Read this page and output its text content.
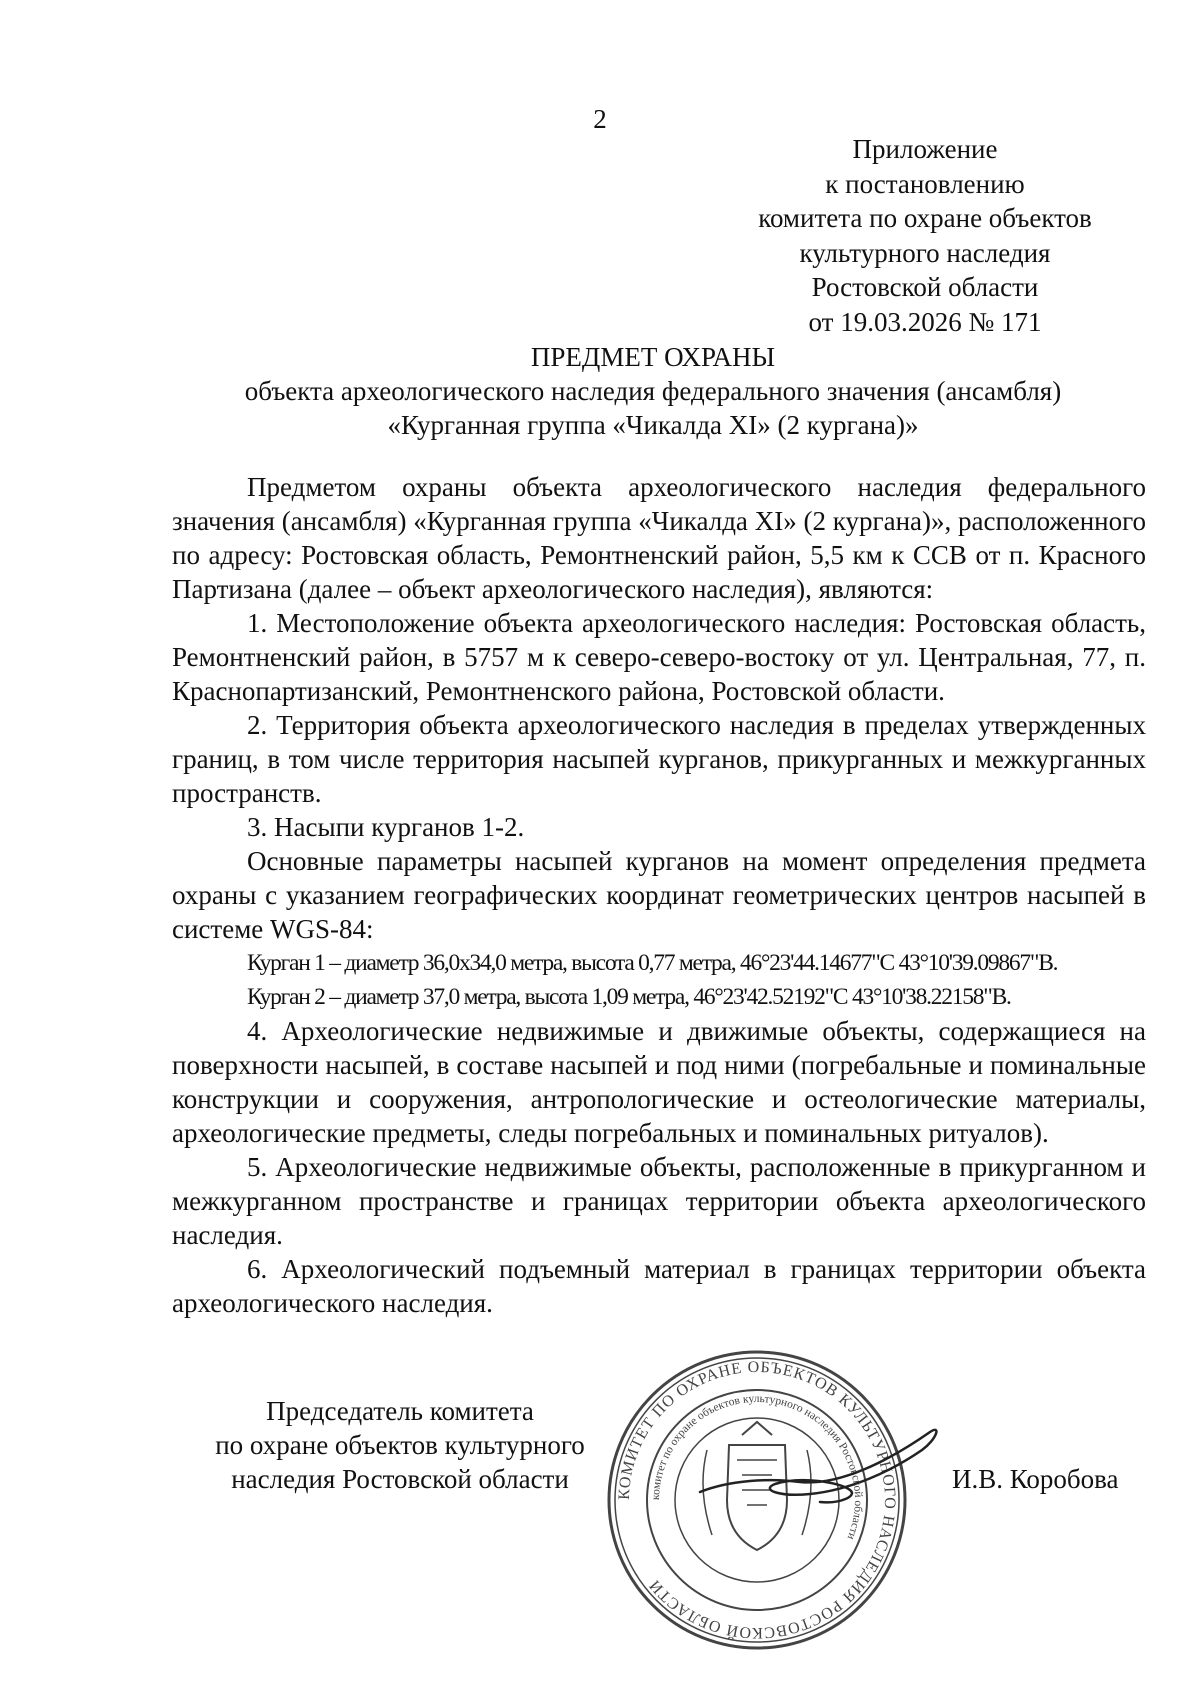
2
Приложение
к постановлению
комитета по охране объектов
культурного наследия
Ростовской области
от 19.03.2026 № 171
ПРЕДМЕТ ОХРАНЫ
объекта археологического наследия федерального значения (ансамбля)
«Курганная группа «Чикалда XI» (2 кургана)»

Предметом охраны объекта археологического наследия федерального значения (ансамбля) «Курганная группа «Чикалда XI» (2 кургана)», расположенного по адресу: Ростовская область, Ремонтненский район, 5,5 км к ССВ от п. Красного Партизана (далее – объект археологического наследия), являются:

1. Местоположение объекта археологического наследия: Ростовская область, Ремонтненский район, в 5757 м к северо-северо-востоку от ул. Центральная, 77, п. Краснопартизанский, Ремонтненского района, Ростовской области.

2. Территория объекта археологического наследия в пределах утвержденных границ, в том числе территория насыпей курганов, прикурганных и межкурганных пространств.

3. Насыпи курганов 1-2.

Основные параметры насыпей курганов на момент определения предмета охраны с указанием географических координат геометрических центров насыпей в системе WGS-84:

Курган 1 – диаметр 36,0х34,0 метра, высота 0,77 метра, 46°23'44.14677"С 43°10'39.09867"В.

Курган 2 – диаметр 37,0 метра, высота 1,09 метра, 46°23'42.52192"С 43°10'38.22158"В.

4. Археологические недвижимые и движимые объекты, содержащиеся на поверхности насыпей, в составе насыпей и под ними (погребальные и поминальные конструкции и сооружения, антропологические и остеологические материалы, археологические предметы, следы погребальных и поминальных ритуалов).

5. Археологические недвижимые объекты, расположенные в прикурганном и межкурганном пространстве и границах территории объекта археологического наследия.

6. Археологический подъемный материал в границах территории объекта археологического наследия.

Председатель комитета
по охране объектов культурного
наследия Ростовской области
КОМИТЕТ ПО ОХРАНЕ ОБЪЕКТОВ КУЛЬТУРНОГО НАСЛЕДИЯ РОСТОВСКОЙ ОБЛАСТИ
комитет по охране объектов культурного наследия Ростовской области
И.В. Коробова
